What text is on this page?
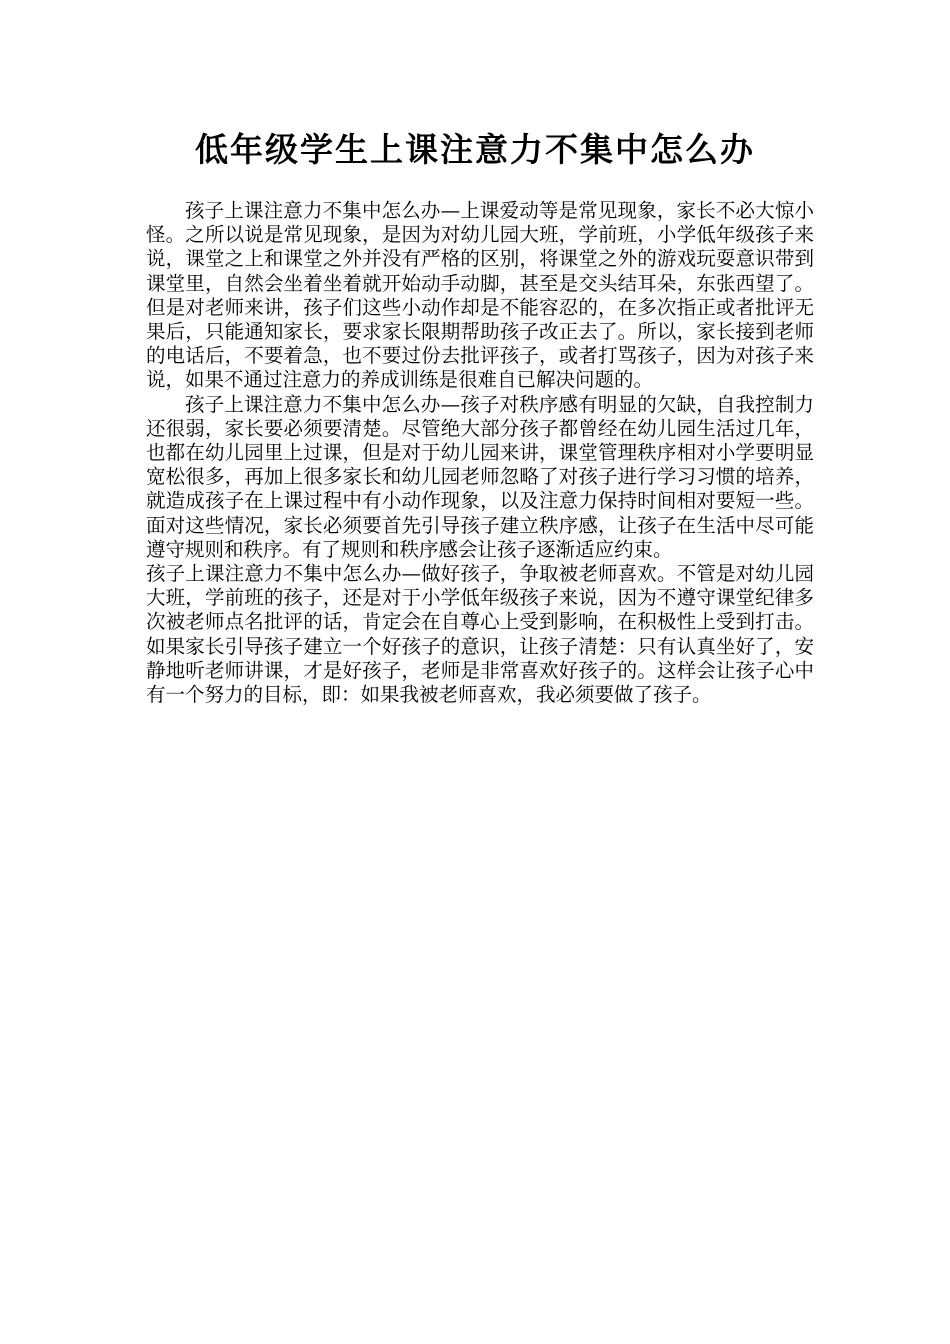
低年级学生上课注意力不集中怎么办

孩子上课注意力不集中怎么办—上课爱动等是常见现象，家长不必大惊小怪。之所以说是常见现象，是因为对幼儿园大班，学前班，小学低年级孩子来说，课堂之上和课堂之外并没有严格的区别，将课堂之外的游戏玩耍意识带到课堂里，自然会坐着坐着就开始动手动脚，甚至是交头结耳朵，东张西望了。但是对老师来讲，孩子们这些小动作却是不能容忍的，在多次指正或者批评无果后，只能通知家长，要求家长限期帮助孩子改正去了。所以，家长接到老师的电话后，不要着急，也不要过份去批评孩子，或者打骂孩子，因为对孩子来说，如果不通过注意力的养成训练是很难自已解决问题的。

孩子上课注意力不集中怎么办—孩子对秩序感有明显的欠缺，自我控制力还很弱，家长要必须要清楚。尽管绝大部分孩子都曾经在幼儿园生活过几年，也都在幼儿园里上过课，但是对于幼儿园来讲，课堂管理秩序相对小学要明显宽松很多，再加上很多家长和幼儿园老师忽略了对孩子进行学习习惯的培养，就造成孩子在上课过程中有小动作现象，以及注意力保持时间相对要短一些。面对这些情况，家长必须要首先引导孩子建立秩序感，让孩子在生活中尽可能遵守规则和秩序。有了规则和秩序感会让孩子逐渐适应约束。

孩子上课注意力不集中怎么办—做好孩子，争取被老师喜欢。不管是对幼儿园大班，学前班的孩子，还是对于小学低年级孩子来说，因为不遵守课堂纪律多次被老师点名批评的话，肯定会在自尊心上受到影响，在积极性上受到打击。如果家长引导孩子建立一个好孩子的意识，让孩子清楚：只有认真坐好了，安静地听老师讲课，才是好孩子，老师是非常喜欢好孩子的。这样会让孩子心中有一个努力的目标，即：如果我被老师喜欢，我必须要做了孩子。
